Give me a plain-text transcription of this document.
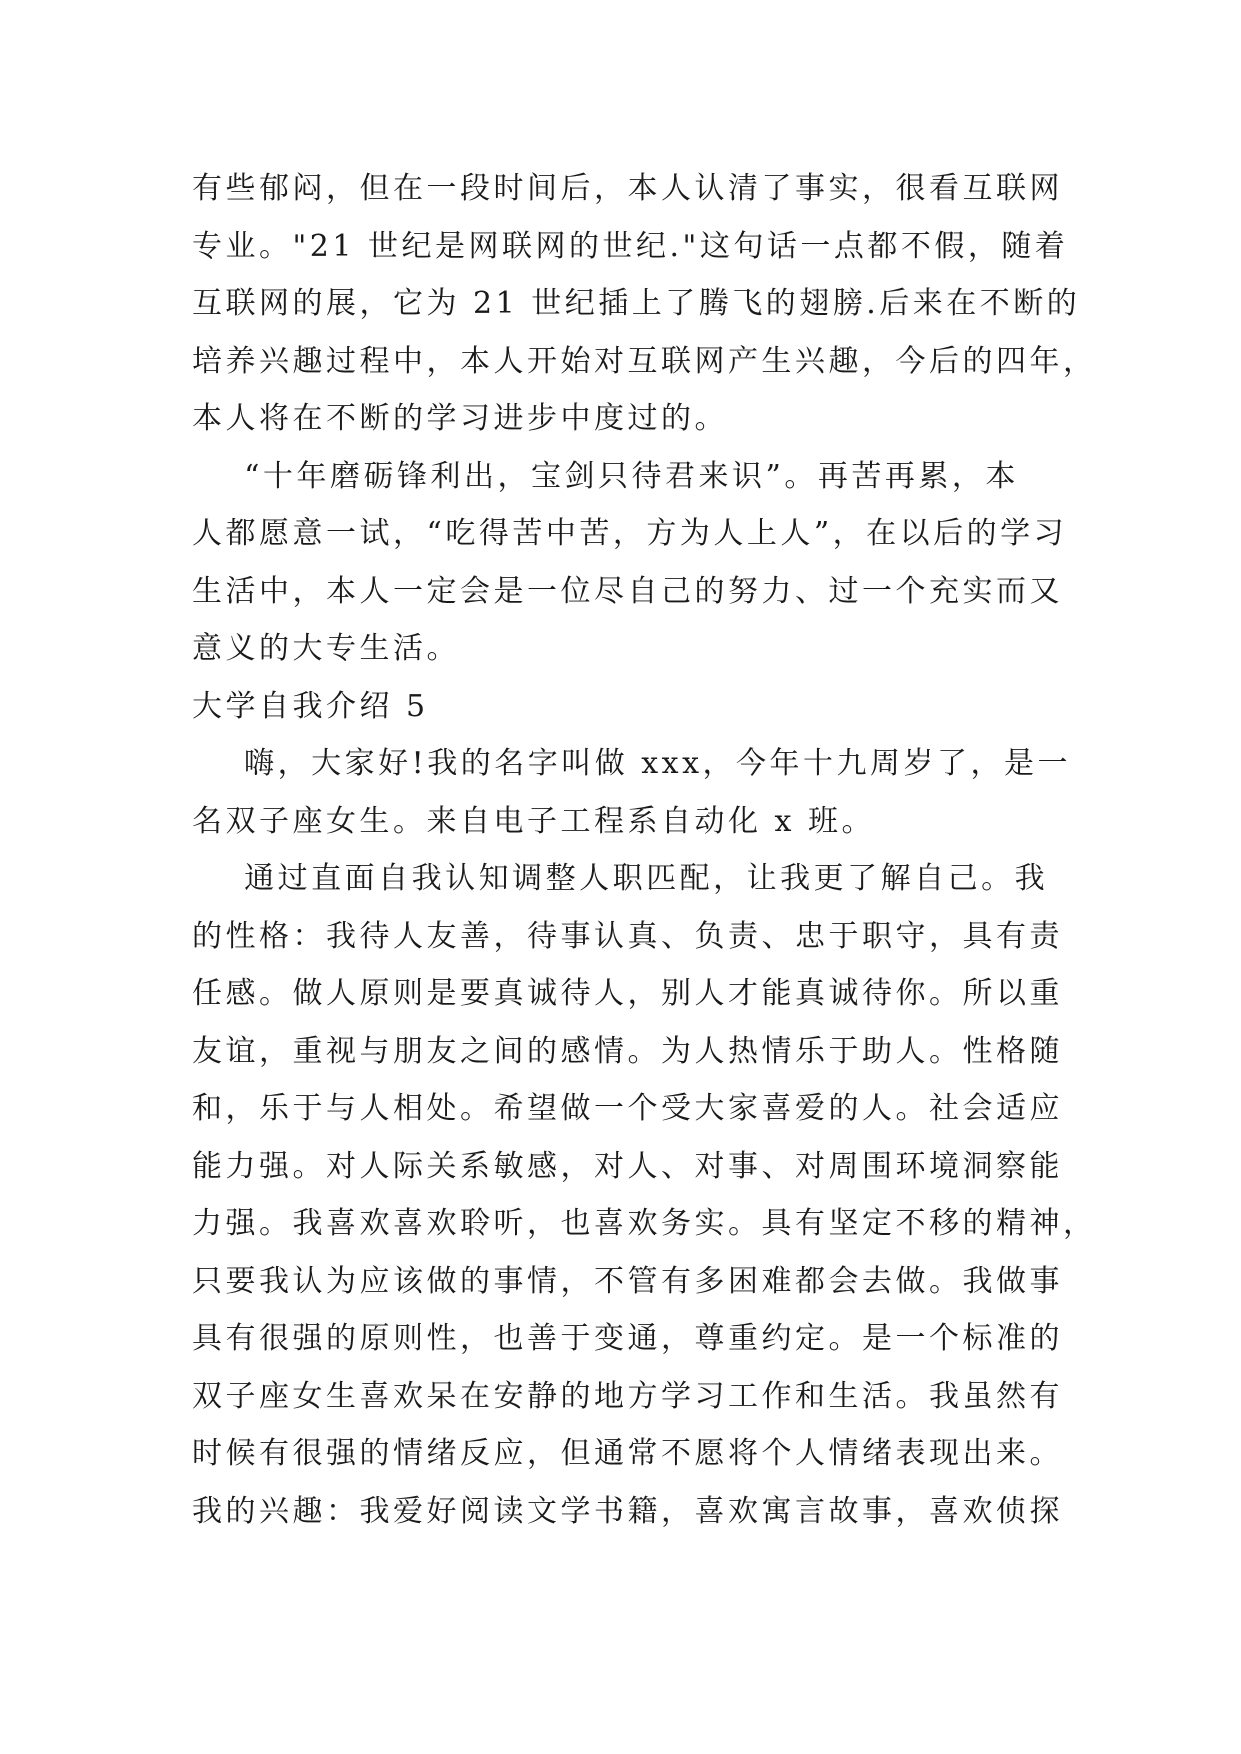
有些郁闷，但在一段时间后，本人认清了事实，很看互联网
专业。"21 世纪是网联网的世纪."这句话一点都不假，随着
互联网的展，它为 21 世纪插上了腾飞的翅膀.后来在不断的
培养兴趣过程中，本人开始对互联网产生兴趣，今后的四年，
本人将在不断的学习进步中度过的。
“十年磨砺锋利出，宝剑只待君来识”。再苦再累，本
人都愿意一试，“吃得苦中苦，方为人上人”，在以后的学习
生活中，本人一定会是一位尽自己的努力、过一个充实而又
意义的大专生活。
大学自我介绍 5
嗨，大家好!我的名字叫做 xxx，今年十九周岁了，是一
名双子座女生。来自电子工程系自动化 x 班。
通过直面自我认知调整人职匹配，让我更了解自己。我
的性格：我待人友善，待事认真、负责、忠于职守，具有责
任感。做人原则是要真诚待人，别人才能真诚待你。所以重
友谊，重视与朋友之间的感情。为人热情乐于助人。性格随
和，乐于与人相处。希望做一个受大家喜爱的人。社会适应
能力强。对人际关系敏感，对人、对事、对周围环境洞察能
力强。我喜欢喜欢聆听，也喜欢务实。具有坚定不移的精神，
只要我认为应该做的事情，不管有多困难都会去做。我做事
具有很强的原则性，也善于变通，尊重约定。是一个标准的
双子座女生喜欢呆在安静的地方学习工作和生活。我虽然有
时候有很强的情绪反应，但通常不愿将个人情绪表现出来。
我的兴趣：我爱好阅读文学书籍，喜欢寓言故事，喜欢侦探
